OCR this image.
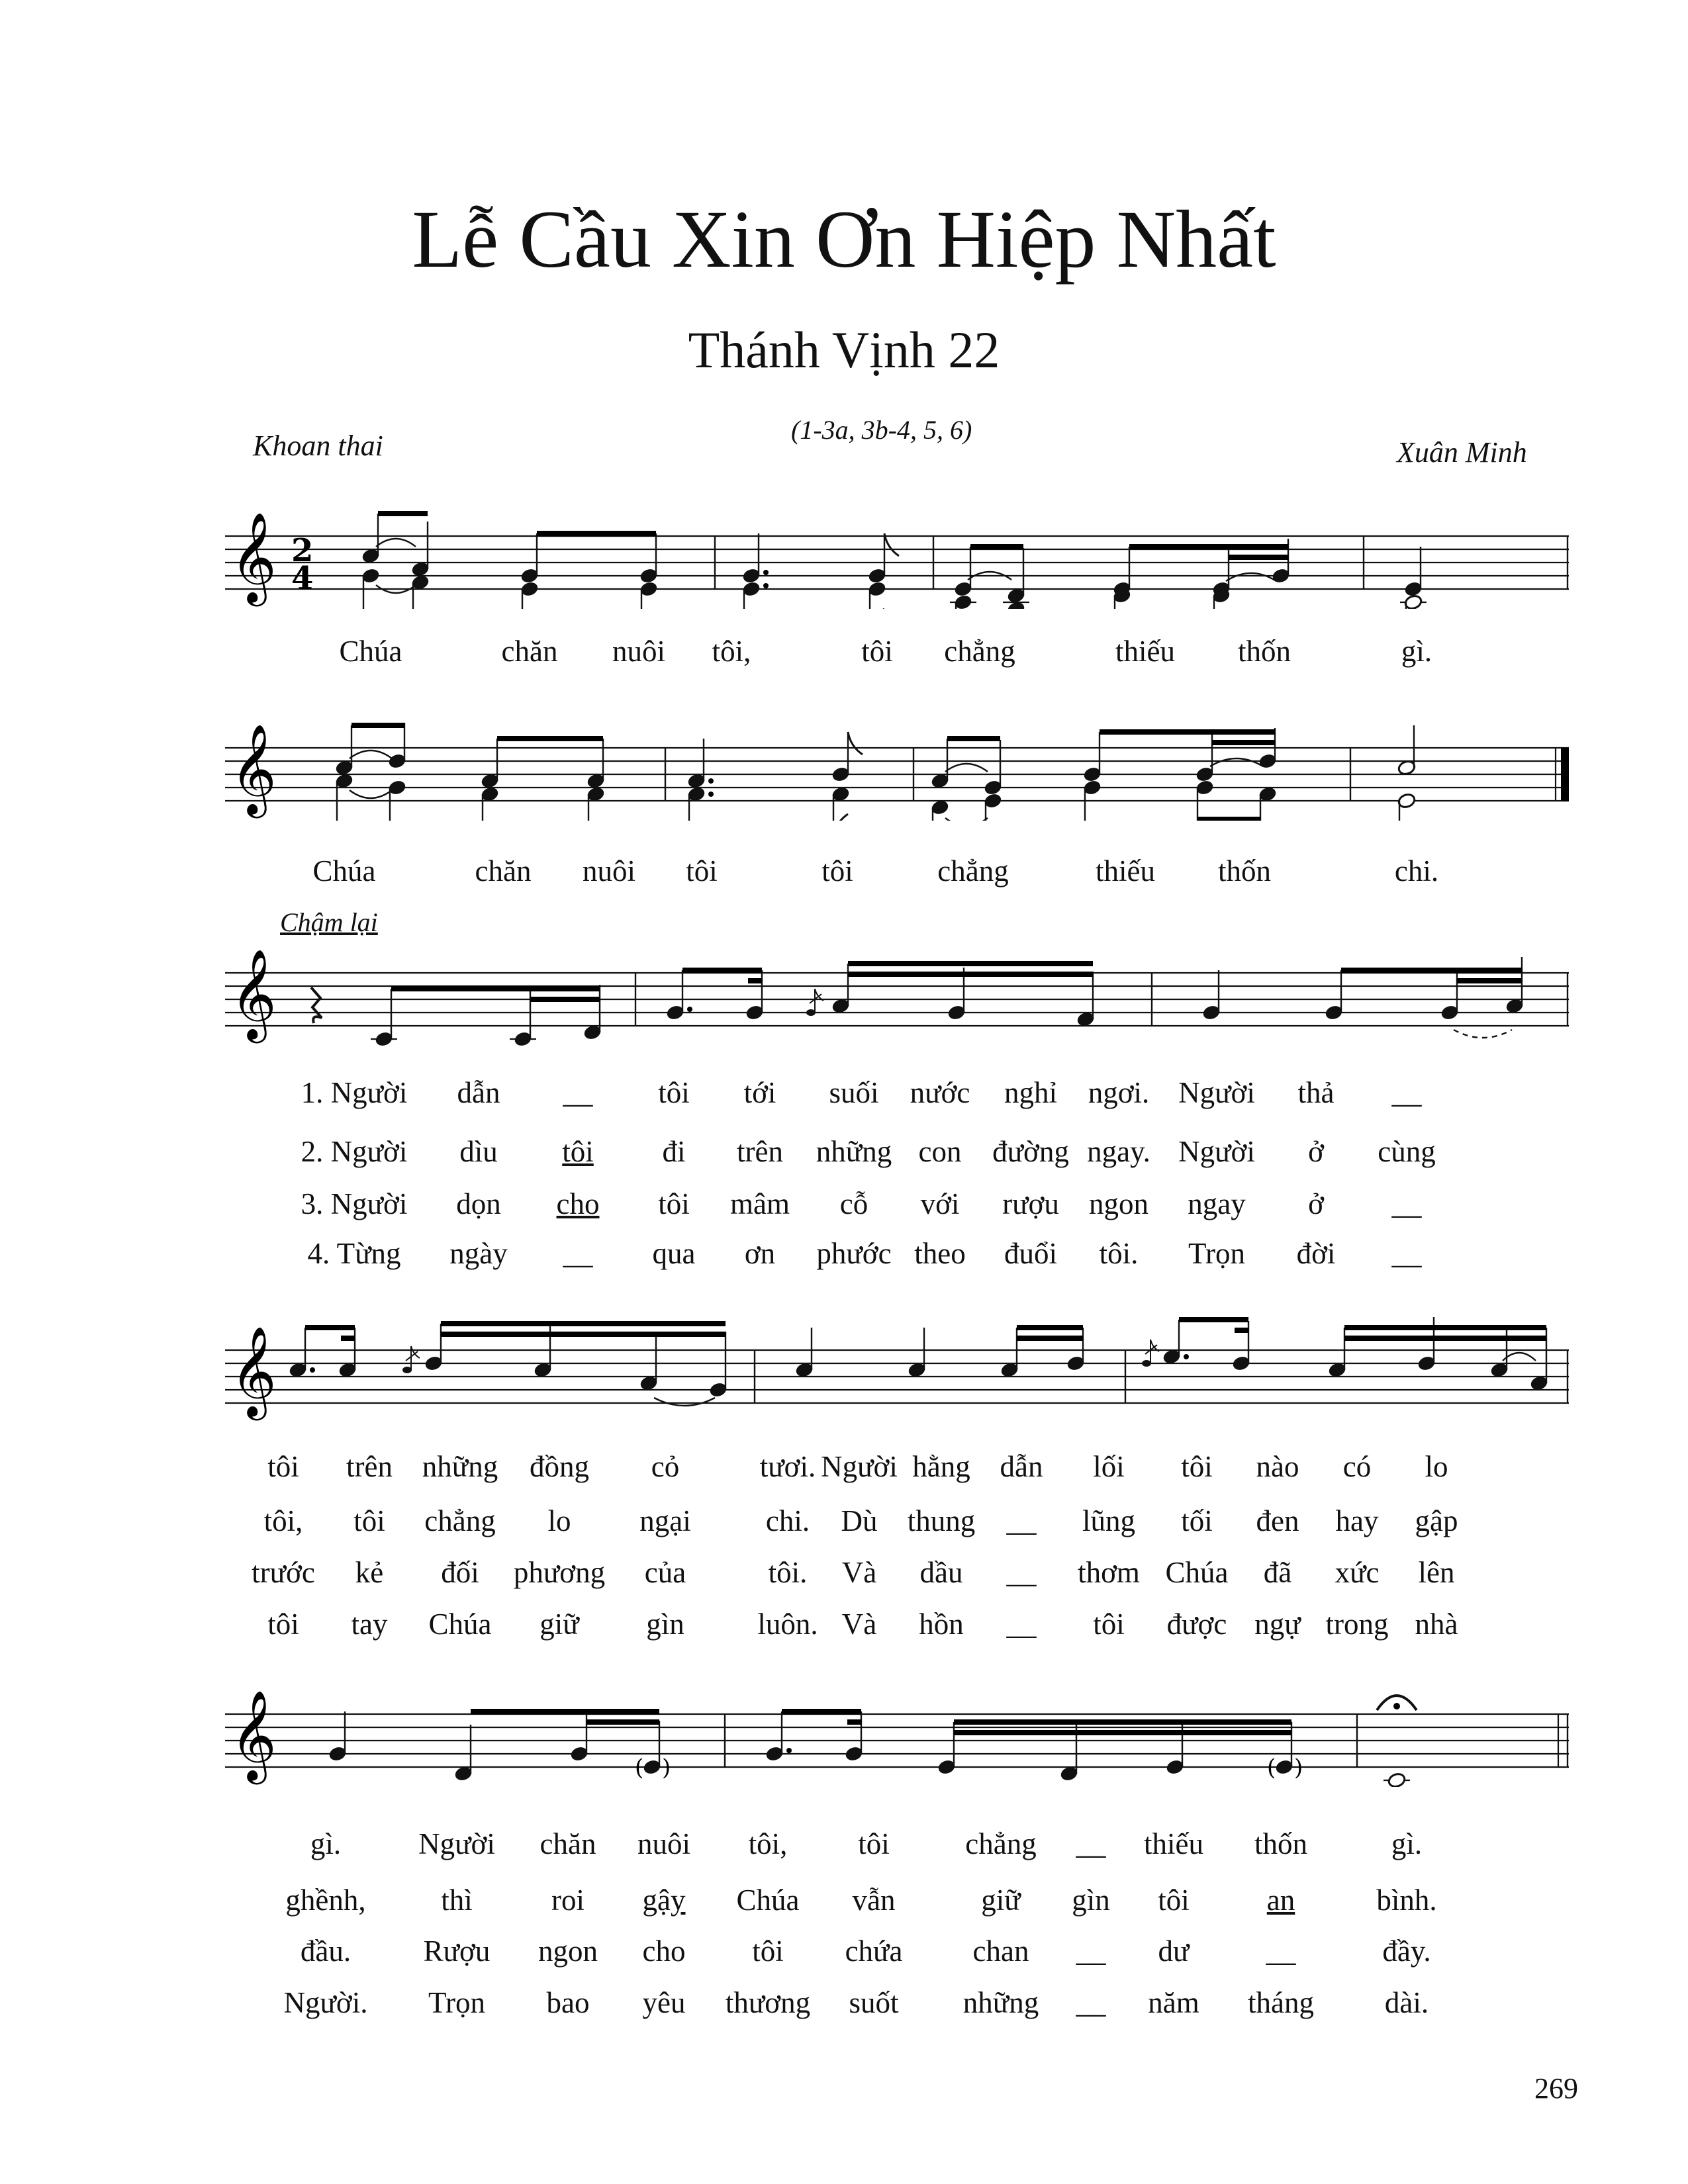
Lễ Cầu Xin Ơn Hiệp Nhất
Thánh Vịnh 22
(1-3a, 3b-4, 5, 6)
Khoan thai	Xuân Minh
Chậm lại
𝄞 2
4
𝄞
𝄞
𝄞
𝄞	( )	( )
Chúa	chăn nuôi tôi,	tôi chẳng	thiếu thốn	gì.
Chúa	chăn nuôi tôi	tôi	chẳng	thiếu thốn	chi.
1. Người dẫn __ tôi tới suối nước nghỉ ngơi. Người thả __
2. Người dìu tôi đi trên những con đường ngay. Người ở cùng
3. Người dọn cho tôi mâm cỗ với rượu ngon ngay ở __
4. Từng ngày __ qua ơn phước theo đuổi tôi. Trọn đời __
tôi trên những đồng cỏ	tươi. Người hằng dẫn lối tôi nào có lo
tôi, tôi chẳng lo ngại	chi. Dù thung __ lũng tối đen hay gập
trước kẻ đối phương của	tôi. Và dầu __ thơm Chúa đã xức lên
tôi tay Chúa giữ gìn luôn. Và hồn __ tôi được ngự trong nhà
gì.	Người chăn nuôi tôi, tôi	chẳng __ thiếu thốn	gì.
ghềnh,	thì	roi gậy Chúa vẫn	giữ gìn tôi	an	bình.
đầu. Rượu ngon cho tôi chứa chan __ dư	__	đầy.
Người. Trọn bao yêu thương suốt những __ năm tháng dài.
269
